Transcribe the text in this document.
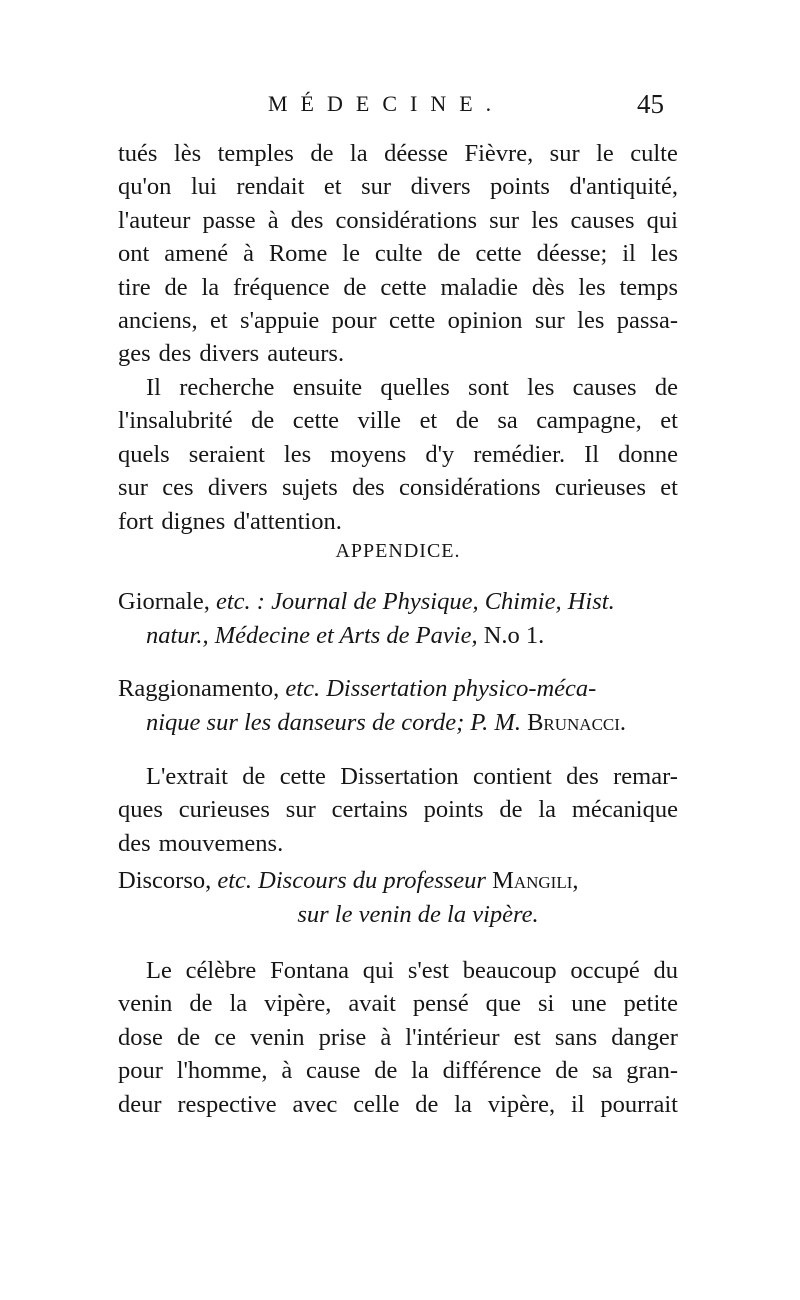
MÉDECINE.	45
tués lès temples de la déesse Fièvre, sur le culte
qu'on lui rendait et sur divers points d'antiquité,
l'auteur passe à des considérations sur les causes qui
ont amené à Rome le culte de cette déesse; il les
tire de la fréquence de cette maladie dès les temps
anciens, et s'appuie pour cette opinion sur les passa-
ges des divers auteurs.
Il recherche ensuite quelles sont les causes de
l'insalubrité de cette ville et de sa campagne, et
quels seraient les moyens d'y remédier. Il donne
sur ces divers sujets des considérations curieuses et
fort dignes d'attention.
APPENDICE.
Giornale, etc. : Journal de Physique, Chimie, Hist.
natur., Médecine et Arts de Pavie, N.o 1.
Raggionamento, etc. Dissertation physico-méca-
nique sur les danseurs de corde; P. M. Brunacci.
L'extrait de cette Dissertation contient des remar-
ques curieuses sur certains points de la mécanique
des mouvemens.
Discorso, etc. Discours du professeur Mangili,
sur le venin de la vipère.
Le célèbre Fontana qui s'est beaucoup occupé du
venin de la vipère, avait pensé que si une petite
dose de ce venin prise à l'intérieur est sans danger
pour l'homme, à cause de la différence de sa gran-
deur respective avec celle de la vipère, il pourrait
